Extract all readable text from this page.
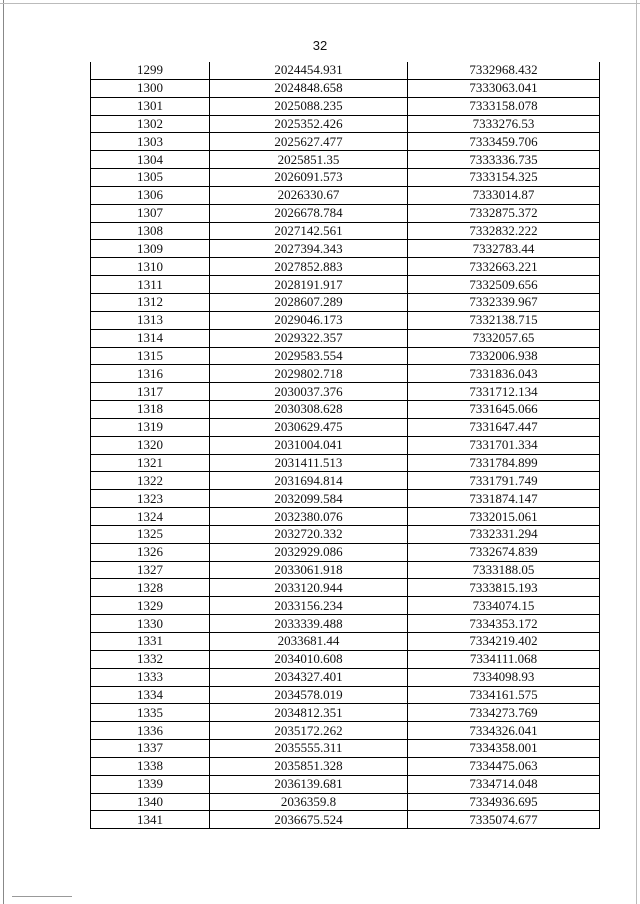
32
1299	2024454.931	7332968.432
1300	2024848.658	7333063.041
1301	2025088.235	7333158.078
1302	2025352.426	7333276.53
1303	2025627.477	7333459.706
1304	2025851.35	7333336.735
1305	2026091.573	7333154.325
1306	2026330.67	7333014.87
1307	2026678.784	7332875.372
1308	2027142.561	7332832.222
1309	2027394.343	7332783.44
1310	2027852.883	7332663.221
1311	2028191.917	7332509.656
1312	2028607.289	7332339.967
1313	2029046.173	7332138.715
1314	2029322.357	7332057.65
1315	2029583.554	7332006.938
1316	2029802.718	7331836.043
1317	2030037.376	7331712.134
1318	2030308.628	7331645.066
1319	2030629.475	7331647.447
1320	2031004.041	7331701.334
1321	2031411.513	7331784.899
1322	2031694.814	7331791.749
1323	2032099.584	7331874.147
1324	2032380.076	7332015.061
1325	2032720.332	7332331.294
1326	2032929.086	7332674.839
1327	2033061.918	7333188.05
1328	2033120.944	7333815.193
1329	2033156.234	7334074.15
1330	2033339.488	7334353.172
1331	2033681.44	7334219.402
1332	2034010.608	7334111.068
1333	2034327.401	7334098.93
1334	2034578.019	7334161.575
1335	2034812.351	7334273.769
1336	2035172.262	7334326.041
1337	2035555.311	7334358.001
1338	2035851.328	7334475.063
1339	2036139.681	7334714.048
1340	2036359.8	7334936.695
1341	2036675.524	7335074.677
